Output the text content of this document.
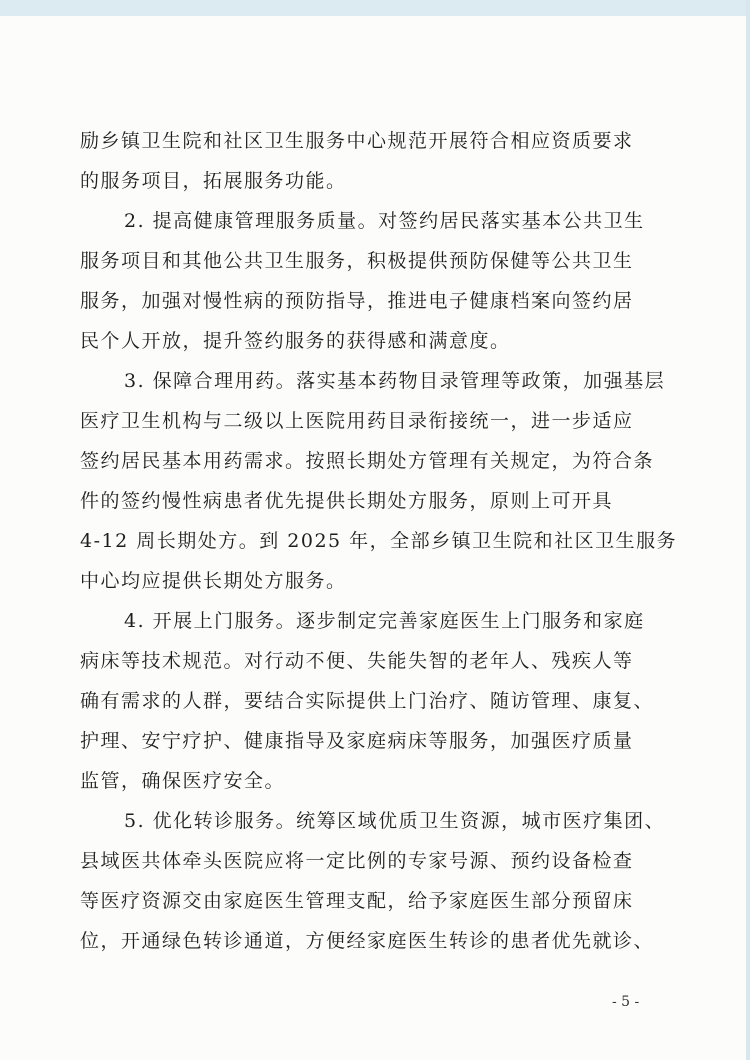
励乡镇卫生院和社区卫生服务中心规范开展符合相应资质要求
的服务项目，拓展服务功能。
2. 提高健康管理服务质量。对签约居民落实基本公共卫生
服务项目和其他公共卫生服务，积极提供预防保健等公共卫生
服务，加强对慢性病的预防指导，推进电子健康档案向签约居
民个人开放，提升签约服务的获得感和满意度。
3. 保障合理用药。落实基本药物目录管理等政策，加强基层
医疗卫生机构与二级以上医院用药目录衔接统一，进一步适应
签约居民基本用药需求。按照长期处方管理有关规定，为符合条
件的签约慢性病患者优先提供长期处方服务，原则上可开具
4-12 周长期处方。到 2025 年，全部乡镇卫生院和社区卫生服务
中心均应提供长期处方服务。
4. 开展上门服务。逐步制定完善家庭医生上门服务和家庭
病床等技术规范。对行动不便、失能失智的老年人、残疾人等
确有需求的人群，要结合实际提供上门治疗、随访管理、康复、
护理、安宁疗护、健康指导及家庭病床等服务，加强医疗质量
监管，确保医疗安全。
5. 优化转诊服务。统筹区域优质卫生资源，城市医疗集团、
县域医共体牵头医院应将一定比例的专家号源、预约设备检查
等医疗资源交由家庭医生管理支配，给予家庭医生部分预留床
位，开通绿色转诊通道，方便经家庭医生转诊的患者优先就诊、
- 5 -
